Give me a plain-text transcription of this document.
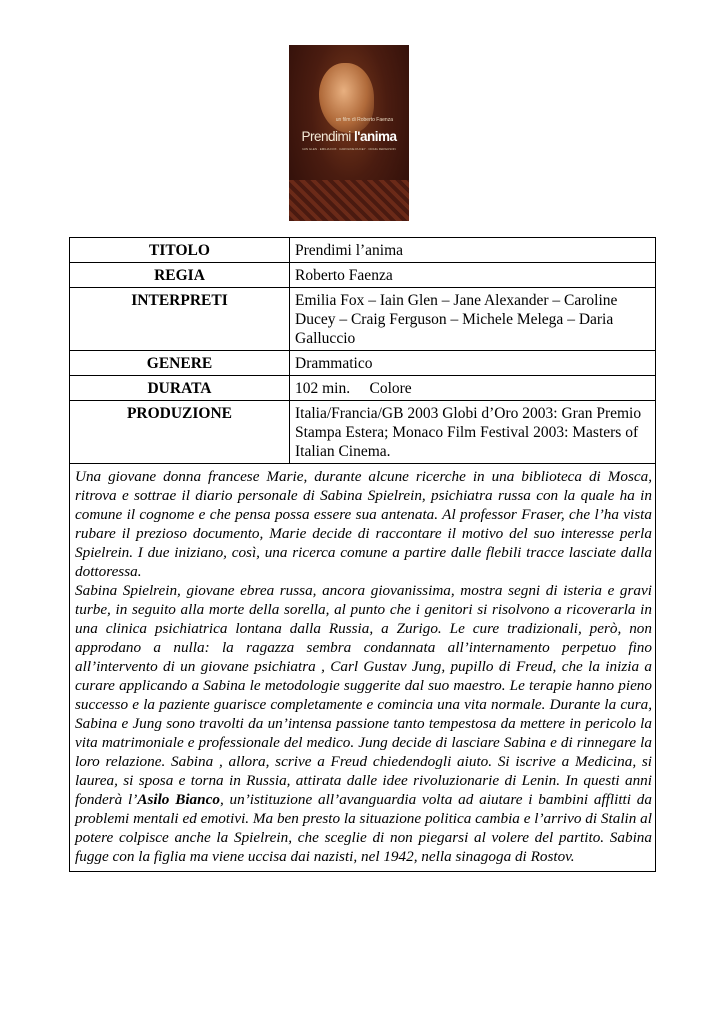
un film di Roberto Faenza
Prendimi l'anima
IAIN GLEN · EMILIA FOX · CAROLINE DUCEY · CRAIG FERGUSON
TITOLO	Prendimi l’anima
REGIA	Roberto Faenza
INTERPRETI	Emilia Fox – Iain Glen – Jane Alexander – Caroline Ducey – Craig Ferguson – Michele Melega – Daria Galluccio
GENERE	Drammatico
DURATA	102 min.     Colore
PRODUZIONE	Italia/Francia/GB 2003 Globi d’Oro 2003: Gran Premio Stampa Estera; Monaco Film Festival 2003: Masters of Italian Cinema.

Una giovane donna francese Marie, durante alcune ricerche in una biblioteca di Mosca, ritrova e sottrae il diario personale di Sabina Spielrein, psichiatra russa con la quale ha in comune il cognome e che pensa possa essere sua antenata. Al professor Fraser, che l’ha vista rubare il prezioso documento, Marie decide di raccontare il motivo del suo interesse perla Spielrein. I due iniziano, così, una ricerca comune a partire dalle flebili tracce lasciate dalla dottoressa.

Sabina Spielrein, giovane ebrea russa, ancora giovanissima, mostra segni di isteria e gravi turbe, in seguito alla morte della sorella, al punto che i genitori si risolvono a ricoverarla in una clinica psichiatrica lontana dalla Russia, a Zurigo. Le cure tradizionali, però, non approdano a nulla: la ragazza sembra condannata all’internamento perpetuo fino all’intervento di un giovane psichiatra , Carl Gustav Jung, pupillo di Freud, che la inizia a curare applicando a Sabina le metodologie suggerite dal suo maestro. Le terapie hanno pieno successo e la paziente guarisce completamente e comincia una vita normale. Durante la cura, Sabina e Jung sono travolti da un’intensa passione tanto tempestosa da mettere in pericolo la vita matrimoniale e professionale del medico. Jung decide di lasciare Sabina e di rinnegare la loro relazione. Sabina , allora, scrive a Freud chiedendogli aiuto. Si iscrive a Medicina, si laurea, si sposa e torna in Russia, attirata dalle idee rivoluzionarie di Lenin. In questi anni fonderà l’Asilo Bianco, un’istituzione all’avanguardia volta ad aiutare i bambini afflitti da problemi mentali ed emotivi. Ma ben presto la situazione politica cambia e l’arrivo di Stalin al potere colpisce anche la Spielrein, che sceglie di non piegarsi al volere del partito. Sabina fugge con la figlia ma viene uccisa dai nazisti, nel 1942, nella sinagoga di Rostov.	
